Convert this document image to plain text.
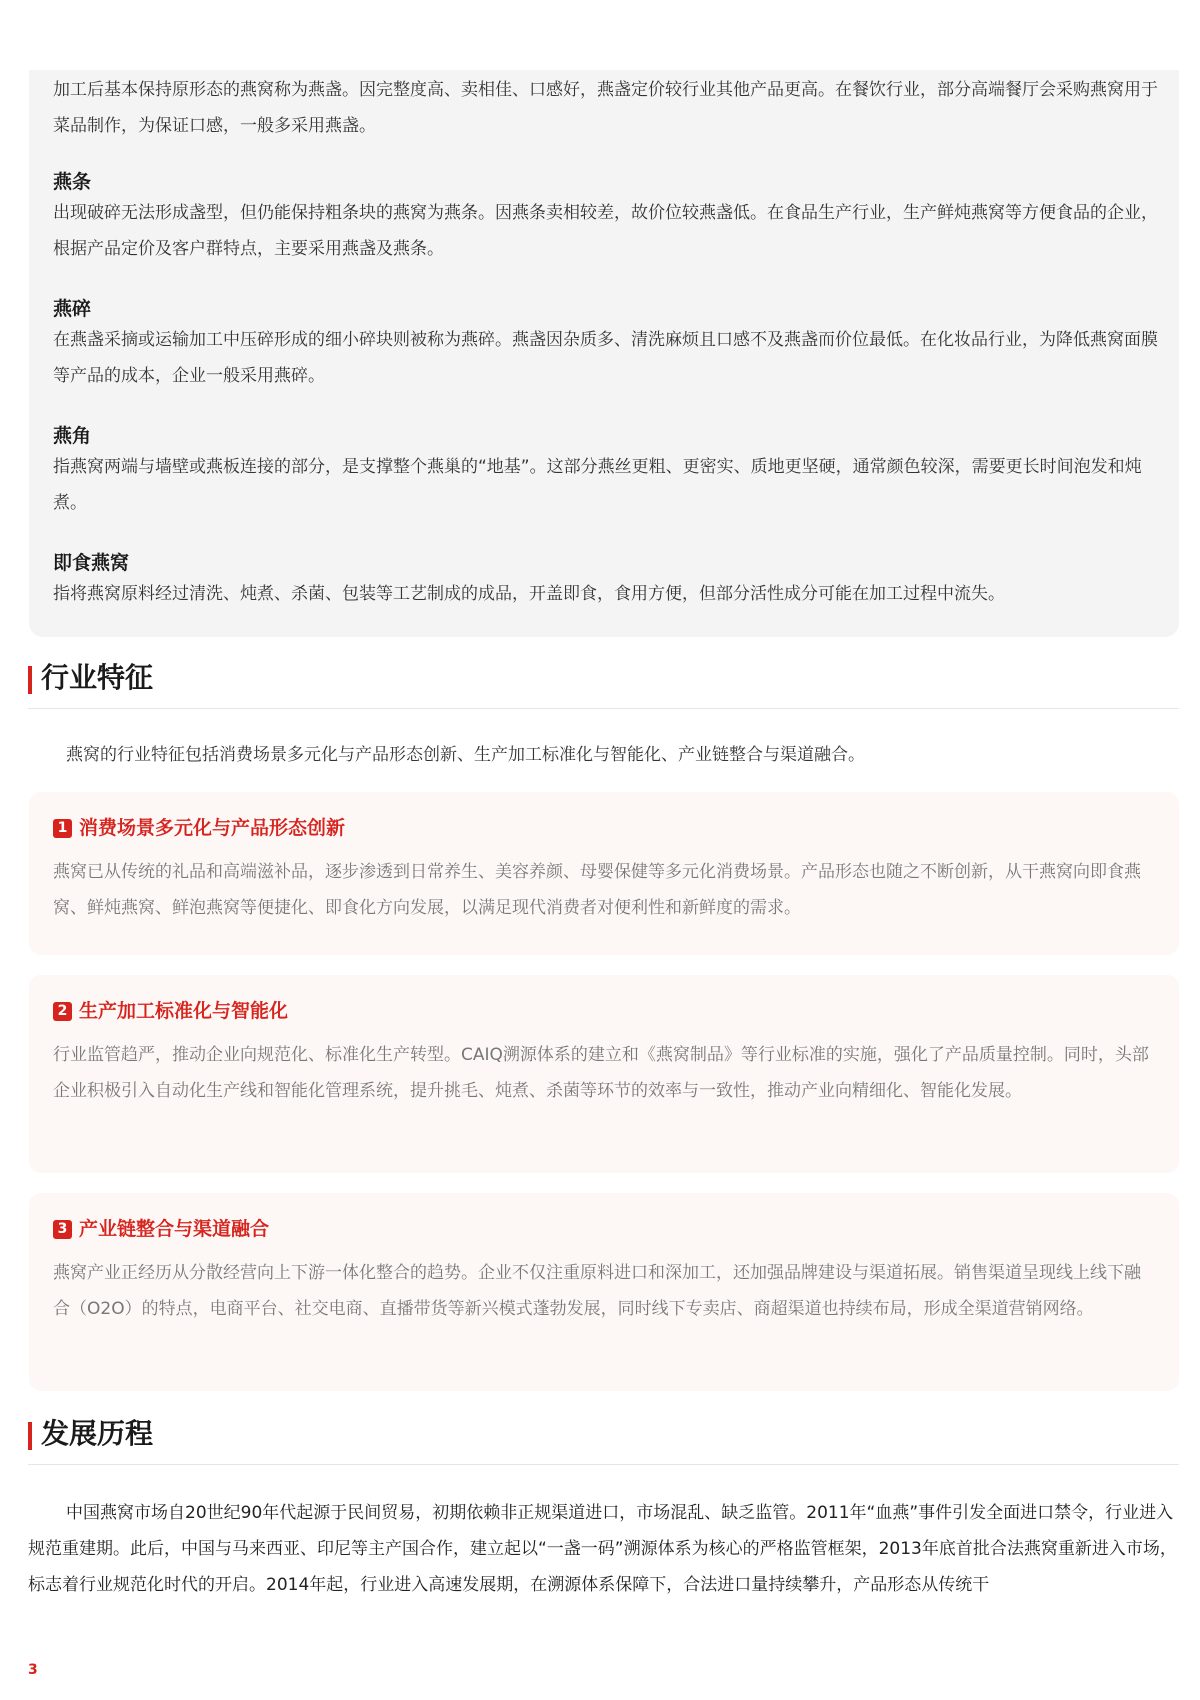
加工后基本保持原形态的燕窝称为燕盏。因完整度高、卖相佳、口感好，燕盏定价较行业其他产品更高。在餐饮行业，部分高端餐厅会采购燕窝用于菜品制作，为保证口感，一般多采用燕盏。

燕条

出现破碎无法形成盏型，但仍能保持粗条块的燕窝为燕条。因燕条卖相较差，故价位较燕盏低。在食品生产行业，生产鲜炖燕窝等方便食品的企业，根据产品定价及客户群特点，主要采用燕盏及燕条。

燕碎

在燕盏采摘或运输加工中压碎形成的细小碎块则被称为燕碎。燕盏因杂质多、清洗麻烦且口感不及燕盏而价位最低。在化妆品行业，为降低燕窝面膜等产品的成本，企业一般采用燕碎。

燕角

指燕窝两端与墙壁或燕板连接的部分，是支撑整个燕巢的“地基”。这部分燕丝更粗、更密实、质地更坚硬，通常颜色较深，需要更长时间泡发和炖煮。

即食燕窝

指将燕窝原料经过清洗、炖煮、杀菌、包装等工艺制成的成品，开盖即食，食用方便，但部分活性成分可能在加工过程中流失。

行业特征
燕窝的行业特征包括消费场景多元化与产品形态创新、生产加工标准化与智能化、产业链整合与渠道融合。
1 消费场景多元化与产品形态创新

燕窝已从传统的礼品和高端滋补品，逐步渗透到日常养生、美容养颜、母婴保健等多元化消费场景。产品形态也随之不断创新，从干燕窝向即食燕窝、鲜炖燕窝、鲜泡燕窝等便捷化、即食化方向发展，以满足现代消费者对便利性和新鲜度的需求。

2 生产加工标准化与智能化

行业监管趋严，推动企业向规范化、标准化生产转型。CAIQ溯源体系的建立和《燕窝制品》等行业标准的实施，强化了产品质量控制。同时，头部企业积极引入自动化生产线和智能化管理系统，提升挑毛、炖煮、杀菌等环节的效率与一致性，推动产业向精细化、智能化发展。

3 产业链整合与渠道融合

燕窝产业正经历从分散经营向上下游一体化整合的趋势。企业不仅注重原料进口和深加工，还加强品牌建设与渠道拓展。销售渠道呈现线上线下融合（O2O）的特点，电商平台、社交电商、直播带货等新兴模式蓬勃发展，同时线下专卖店、商超渠道也持续布局，形成全渠道营销网络。

发展历程

中国燕窝市场自20世纪90年代起源于民间贸易，初期依赖非正规渠道进口，市场混乱、缺乏监管。2011年“血燕”事件引发全面进口禁令，行业进入规范重建期。此后，中国与马来西亚、印尼等主产国合作，建立起以“一盏一码”溯源体系为核心的严格监管框架，2013年底首批合法燕窝重新进入市场，标志着行业规范化时代的开启。2014年起，行业进入高速发展期，在溯源体系保障下，合法进口量持续攀升，产品形态从传统干

3
